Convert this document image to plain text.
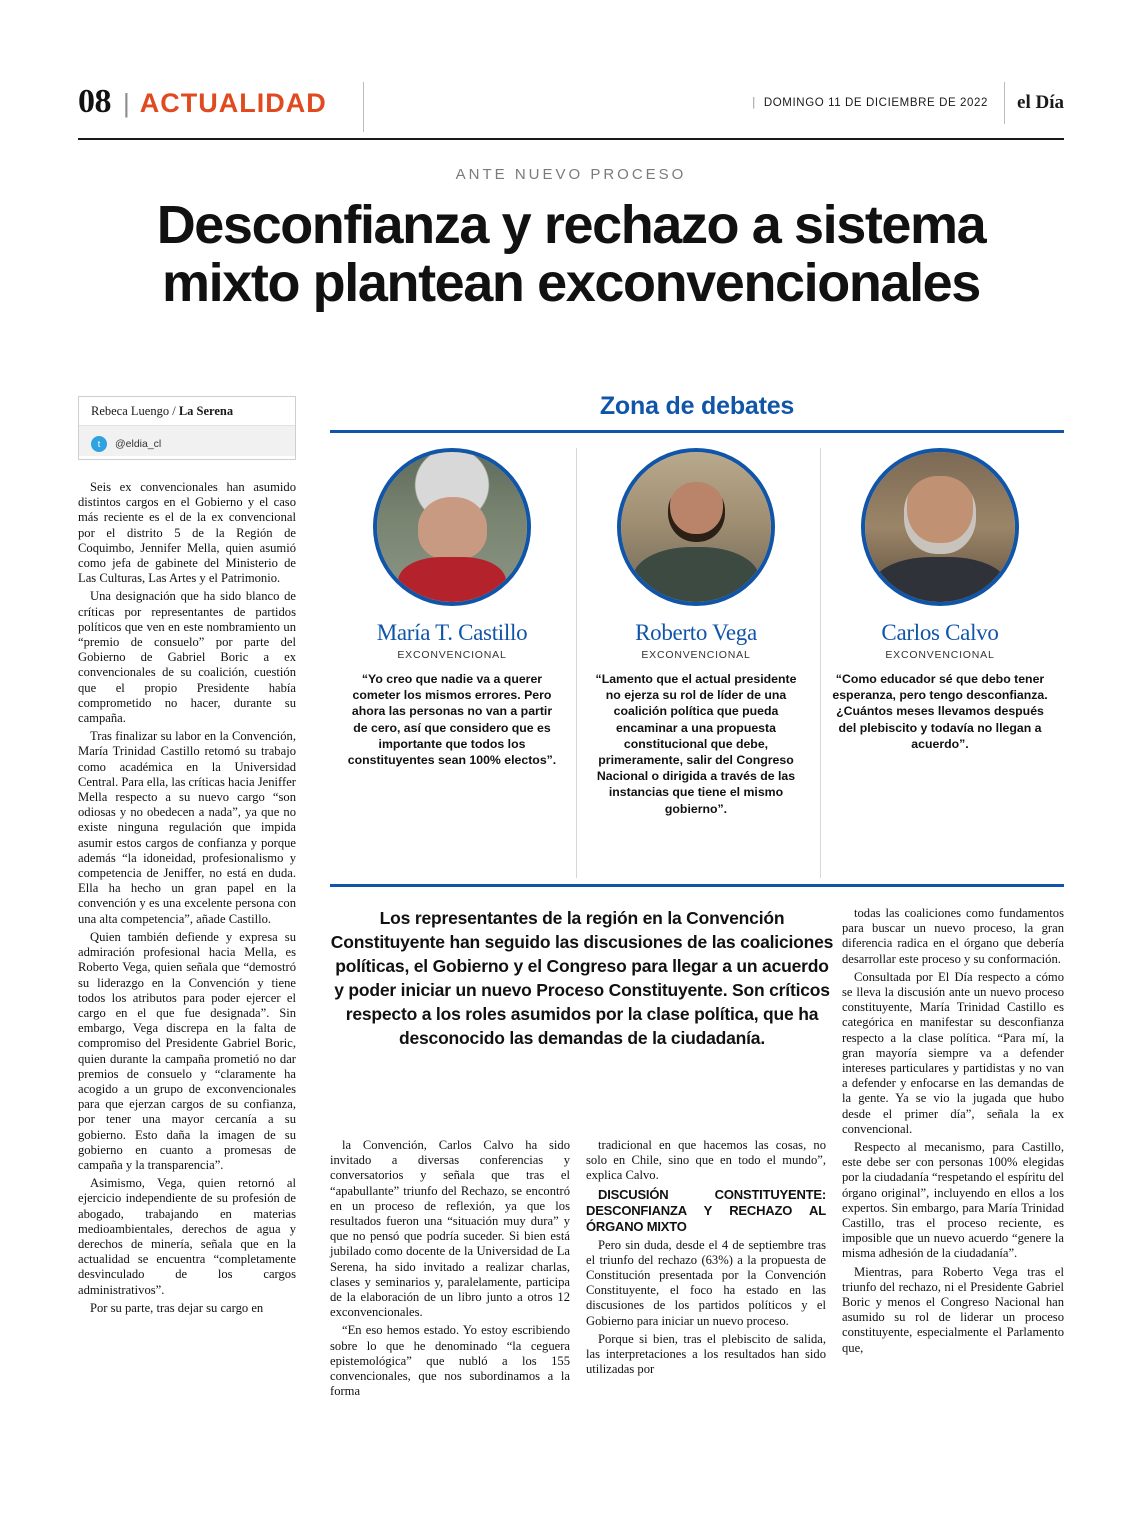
08 | ACTUALIDAD	| DOMINGO 11 DE DICIEMBRE DE 2022	el Día
ANTE NUEVO PROCESO
Desconfianza y rechazo a sistema
mixto plantean exconvencionales
Rebeca Luengo / La Serena
t	@eldia_cl

Seis ex convencionales han asumido distintos cargos en el Gobierno y el caso más reciente es el de la ex convencional por el distrito 5 de la Región de Coquimbo, Jennifer Mella, quien asumió como jefa de gabinete del Ministerio de Las Culturas, Las Artes y el Patrimonio.

Una designación que ha sido blanco de críticas por representantes de partidos políticos que ven en este nombramiento un “premio de consuelo” por parte del Gobierno de Gabriel Boric a ex convencionales de su coalición, cuestión que el propio Presidente había comprometido no hacer, durante su campaña.

Tras finalizar su labor en la Convención, María Trinidad Castillo retomó su trabajo como académica en la Universidad Central. Para ella, las críticas hacia Jeniffer Mella respecto a su nuevo cargo “son odiosas y no obedecen a nada”, ya que no existe ninguna regulación que impida asumir estos cargos de confianza y porque además “la idoneidad, profesionalismo y competencia de Jeniffer, no está en duda. Ella ha hecho un gran papel en la convención y es una excelente persona con una alta competencia”, añade Castillo.

Quien también defiende y expresa su admiración profesional hacia Mella, es Roberto Vega, quien señala que “demostró su liderazgo en la Convención y tiene todos los atributos para poder ejercer el cargo en el que fue designada”. Sin embargo, Vega discrepa en la falta de compromiso del Presidente Gabriel Boric, quien durante la campaña prometió no dar premios de consuelo y “claramente ha acogido a un grupo de exconvencionales para que ejerzan cargos de su confianza, por tener una mayor cercanía a su gobierno. Esto daña la imagen de su gobierno en cuanto a promesas de campaña y la transparencia”.

Asimismo, Vega, quien retornó al ejercicio independiente de su profesión de abogado, trabajando en materias medioambientales, derechos de agua y derechos de minería, señala que en la actualidad se encuentra “completamente desvinculado de los cargos administrativos”.

Por su parte, tras dejar su cargo en

Zona de debates
María T. Castillo
EXCONVENCIONAL
“Yo creo que nadie va a querer cometer los mismos errores. Pero ahora las personas no van a partir de cero, así que considero que es importante que todos los constituyentes sean 100% electos”.
Roberto Vega
EXCONVENCIONAL
“Lamento que el actual presidente no ejerza su rol de líder de una coalición política que pueda encaminar a una propuesta constitucional que debe, primeramente, salir del Congreso Nacional o dirigida a través de las instancias que tiene el mismo gobierno”.
Carlos Calvo
EXCONVENCIONAL
“Como educador sé que debo tener esperanza, pero tengo desconfianza. ¿Cuántos meses llevamos después del plebiscito y todavía no llegan a acuerdo”.
Los representantes de la región en la Convención Constituyente han seguido las discusiones de las coaliciones políticas, el Gobierno y el Congreso para llegar a un acuerdo y poder iniciar un nuevo Proceso Constituyente. Son críticos respecto a los roles asumidos por la clase política, que ha desconocido las demandas de la ciudadanía.

la Convención, Carlos Calvo ha sido invitado a diversas conferencias y conversatorios y señala que tras el “apabullante” triunfo del Rechazo, se encontró en un proceso de reflexión, ya que los resultados fueron una “situación muy dura” y que no pensó que podría suceder. Si bien está jubilado como docente de la Universidad de La Serena, ha sido invitado a realizar charlas, clases y seminarios y, paralelamente, participa de la elaboración de un libro junto a otros 12 exconvencionales.

“En eso hemos estado. Yo estoy escribiendo sobre lo que he denominado “la ceguera epistemológica” que nubló a los 155 convencionales, que nos subordinamos a la forma

tradicional en que hacemos las cosas, no solo en Chile, sino que en todo el mundo”, explica Calvo.

DISCUSIÓN CONSTITUYENTE: DESCONFIANZA Y RECHAZO AL ÓRGANO MIXTO

Pero sin duda, desde el 4 de septiembre tras el triunfo del rechazo (63%) a la propuesta de Constitución presentada por la Convención Constituyente, el foco ha estado en las discusiones de los partidos políticos y el Gobierno para iniciar un nuevo proceso.

Porque si bien, tras el plebiscito de salida, las interpretaciones a los resultados han sido utilizadas por

todas las coaliciones como fundamentos para buscar un nuevo proceso, la gran diferencia radica en el órgano que debería desarrollar este proceso y su conformación.

Consultada por El Día respecto a cómo se lleva la discusión ante un nuevo proceso constituyente, María Trinidad Castillo es categórica en manifestar su desconfianza respecto a la clase política. “Para mí, la gran mayoría siempre va a defender intereses particulares y partidistas y no van a defender y enfocarse en las demandas de la gente. Ya se vio la jugada que hubo desde el primer día”, señala la ex convencional.

Respecto al mecanismo, para Castillo, este debe ser con personas 100% elegidas por la ciudadanía “respetando el espíritu del órgano original”, incluyendo en ellos a los expertos. Sin embargo, para María Trinidad Castillo, tras el proceso reciente, es imposible que un nuevo acuerdo “genere la misma adhesión de la ciudadanía”.

Mientras, para Roberto Vega tras el triunfo del rechazo, ni el Presidente Gabriel Boric y menos el Congreso Nacional han asumido su rol de liderar un proceso constituyente, especialmente el Parlamento que,
